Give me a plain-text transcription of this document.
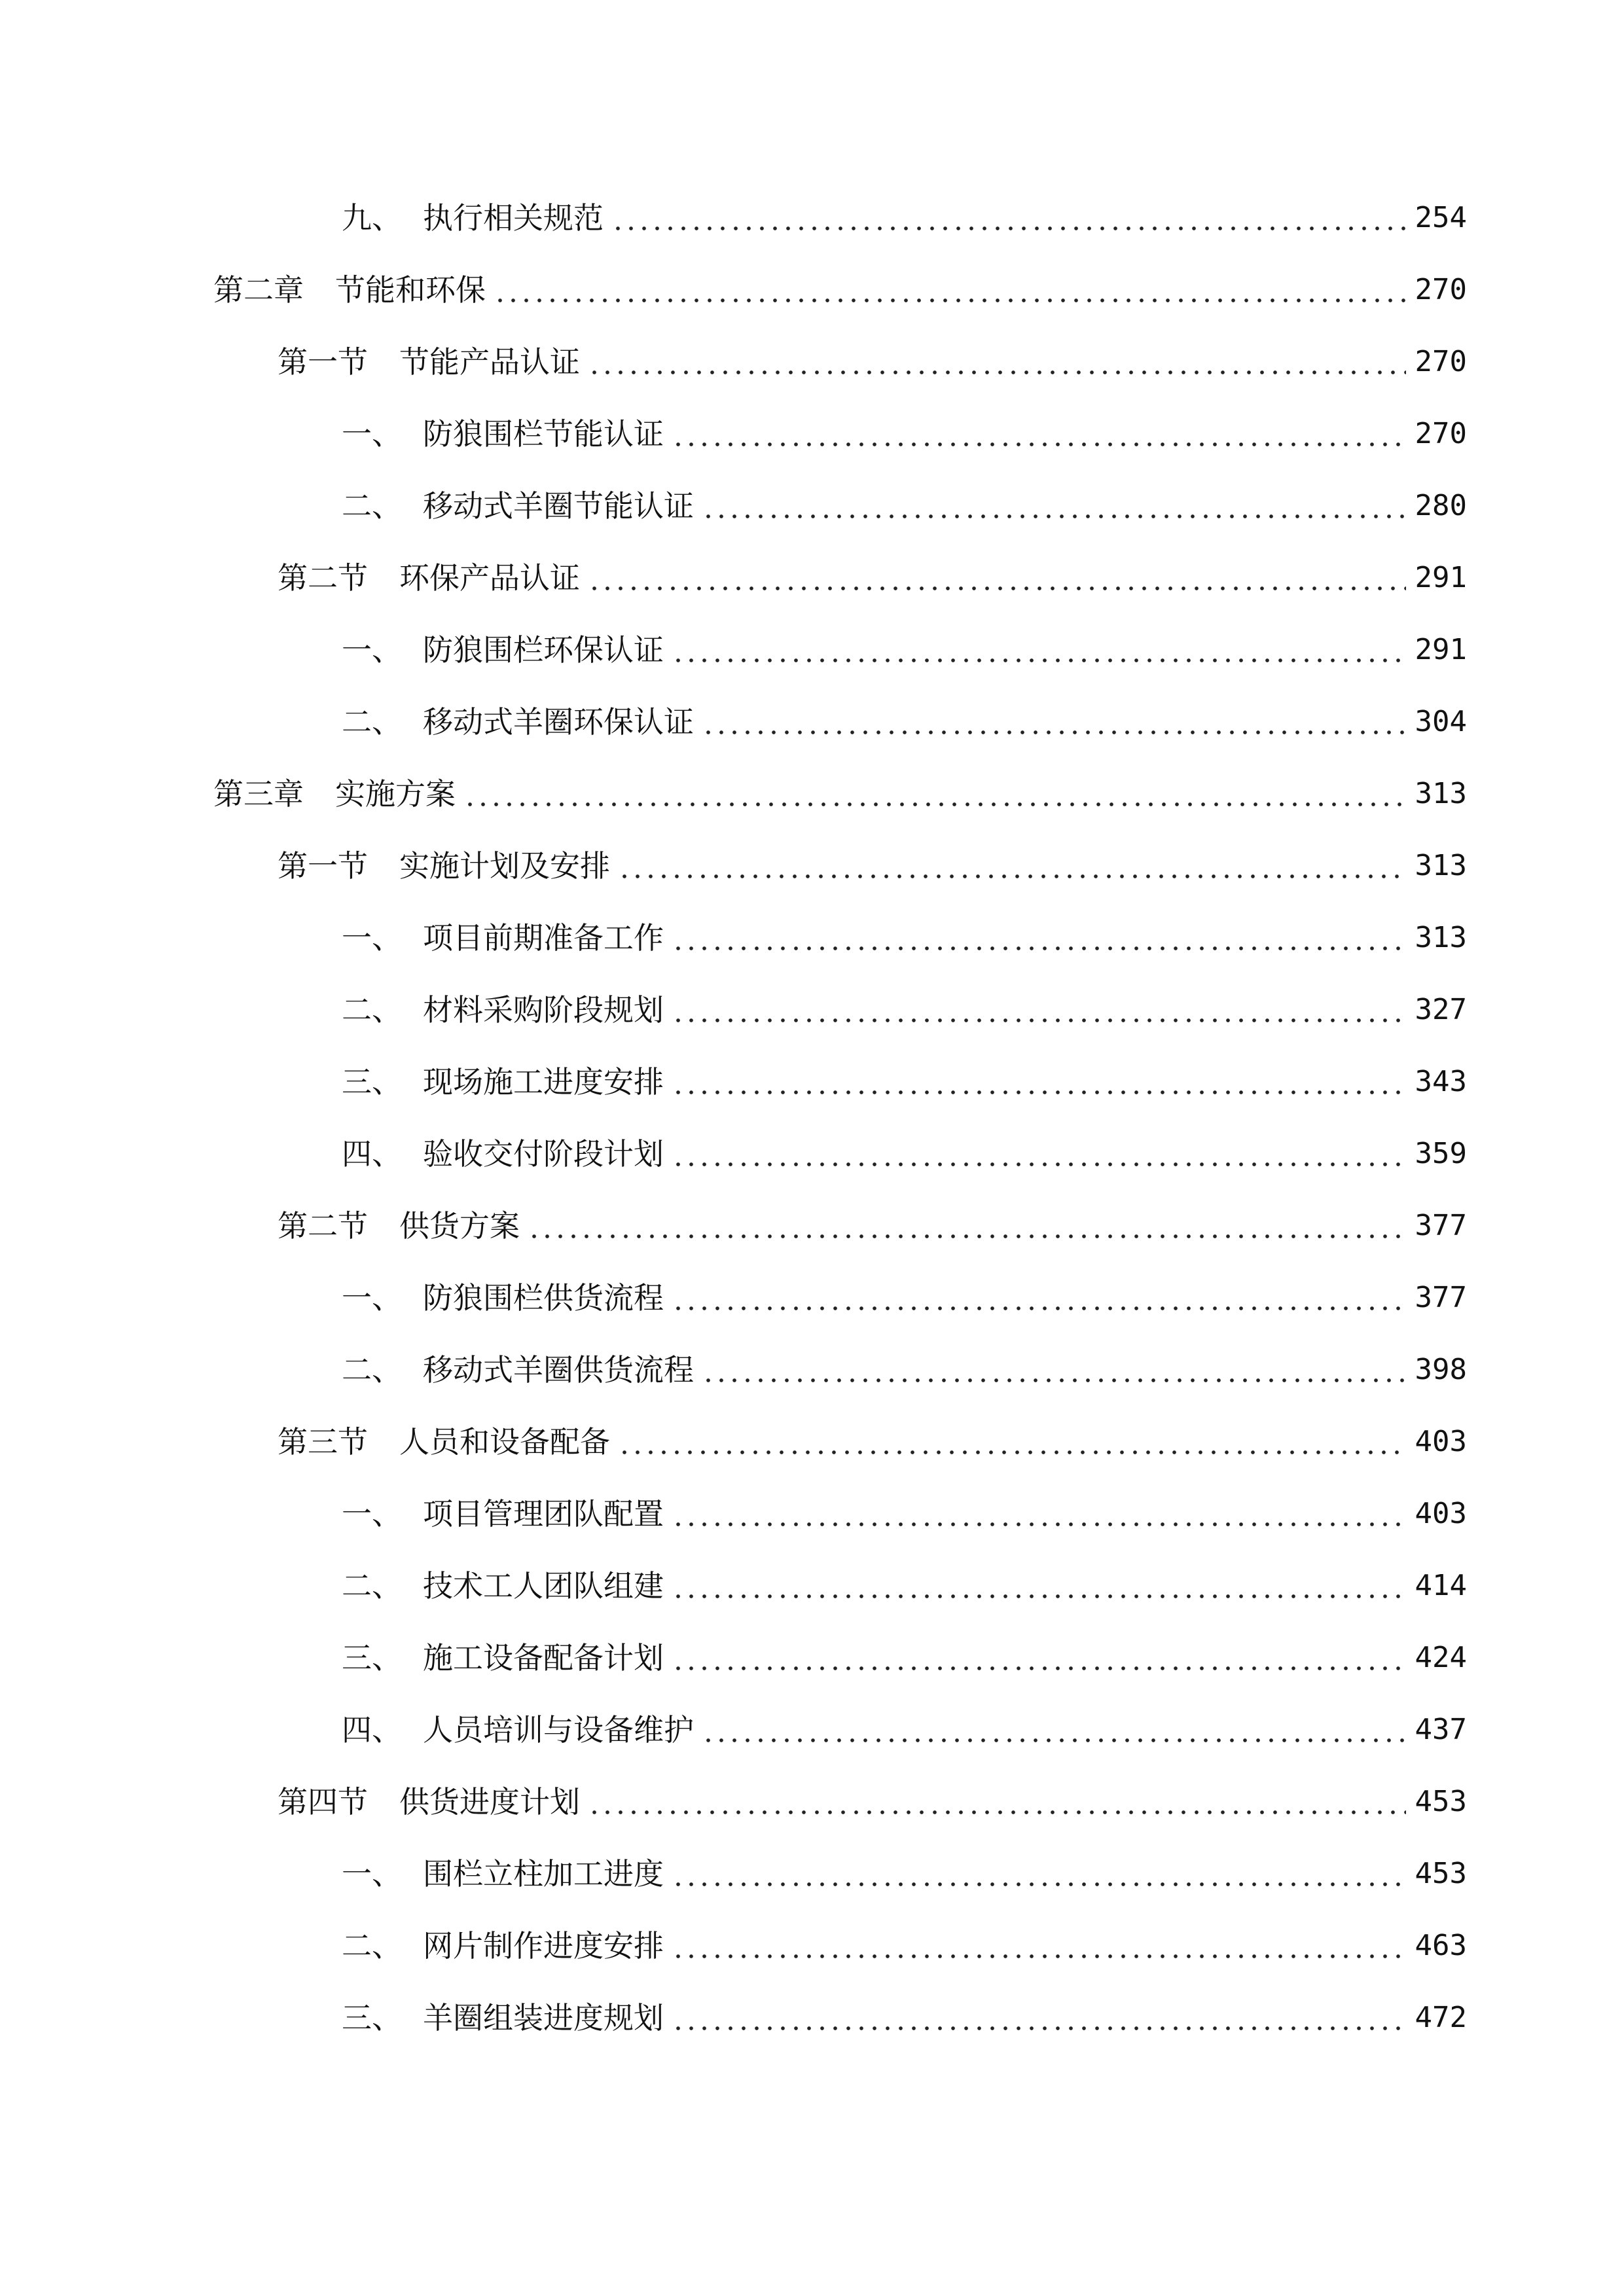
九、 执行相关规范	254
第二章 节能和环保	270
第一节 节能产品认证	270
一、 防狼围栏节能认证	270
二、 移动式羊圈节能认证	280
第二节 环保产品认证	291
一、 防狼围栏环保认证	291
二、 移动式羊圈环保认证	304
第三章 实施方案	313
第一节 实施计划及安排	313
一、 项目前期准备工作	313
二、 材料采购阶段规划	327
三、 现场施工进度安排	343
四、 验收交付阶段计划	359
第二节 供货方案	377
一、 防狼围栏供货流程	377
二、 移动式羊圈供货流程	398
第三节 人员和设备配备	403
一、 项目管理团队配置	403
二、 技术工人团队组建	414
三、 施工设备配备计划	424
四、 人员培训与设备维护	437
第四节 供货进度计划	453
一、 围栏立柱加工进度	453
二、 网片制作进度安排	463
三、 羊圈组装进度规划	472
